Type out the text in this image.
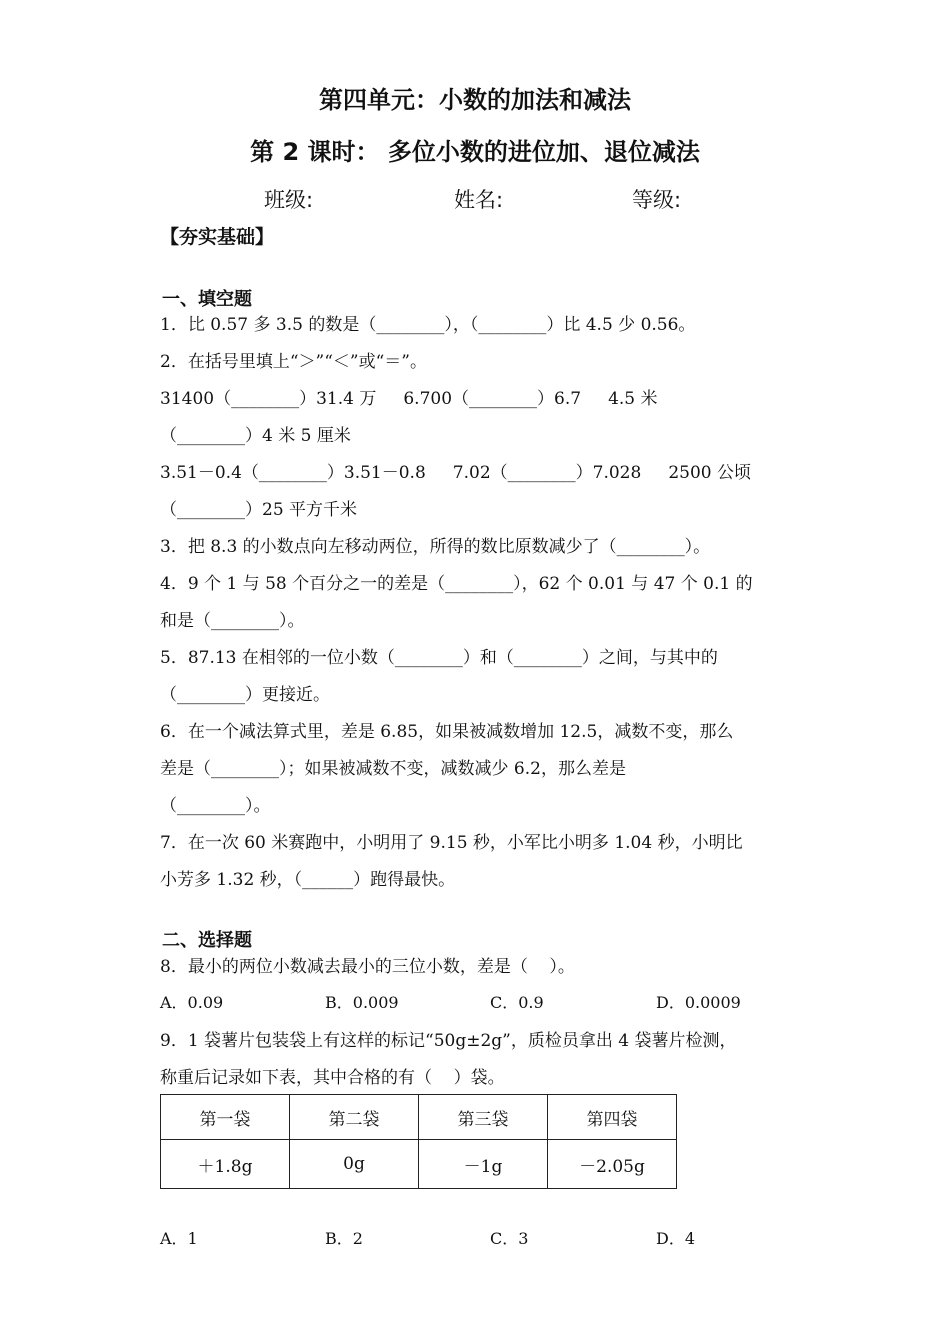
第四单元：小数的加法和减法
第 2 课时： 多位小数的进位加、退位减法
班级:	姓名:	等级:
【夯实基础】
一、填空题
1．比 0.57 多 3.5 的数是（________），（________）比 4.5 少 0.56。
2．在括号里填上“＞”“＜”或“＝”。
31400（________）31.4 万     6.700（________）6.7     4.5 米
（________）4 米 5 厘米
3.51－0.4（________）3.51－0.8     7.02（________）7.028     2500 公顷
（________）25 平方千米
3．把 8.3 的小数点向左移动两位，所得的数比原数减少了（________）。
4．9 个 1 与 58 个百分之一的差是（________），62 个 0.01 与 47 个 0.1 的
和是（________）。
5．87.13 在相邻的一位小数（________）和（________）之间，与其中的
（________）更接近。
6．在一个减法算式里，差是 6.85，如果被减数增加 12.5，减数不变，那么
差是（________）；如果被减数不变，减数减少 6.2，那么差是
（________）。
7．在一次 60 米赛跑中，小明用了 9.15 秒，小军比小明多 1.04 秒，小明比
小芳多 1.32 秒，（______）跑得最快。
二、选择题
8．最小的两位小数减去最小的三位小数，差是（    ）。
A．0.09	B．0.009	C．0.9	D．0.0009
9．1 袋薯片包装袋上有这样的标记“50g±2g”，质检员拿出 4 袋薯片检测，
称重后记录如下表，其中合格的有（    ）袋。
第一袋	第二袋	第三袋	第四袋
＋1.8g	0g	－1g	－2.05g
A．1	B．2	C．3	D．4
